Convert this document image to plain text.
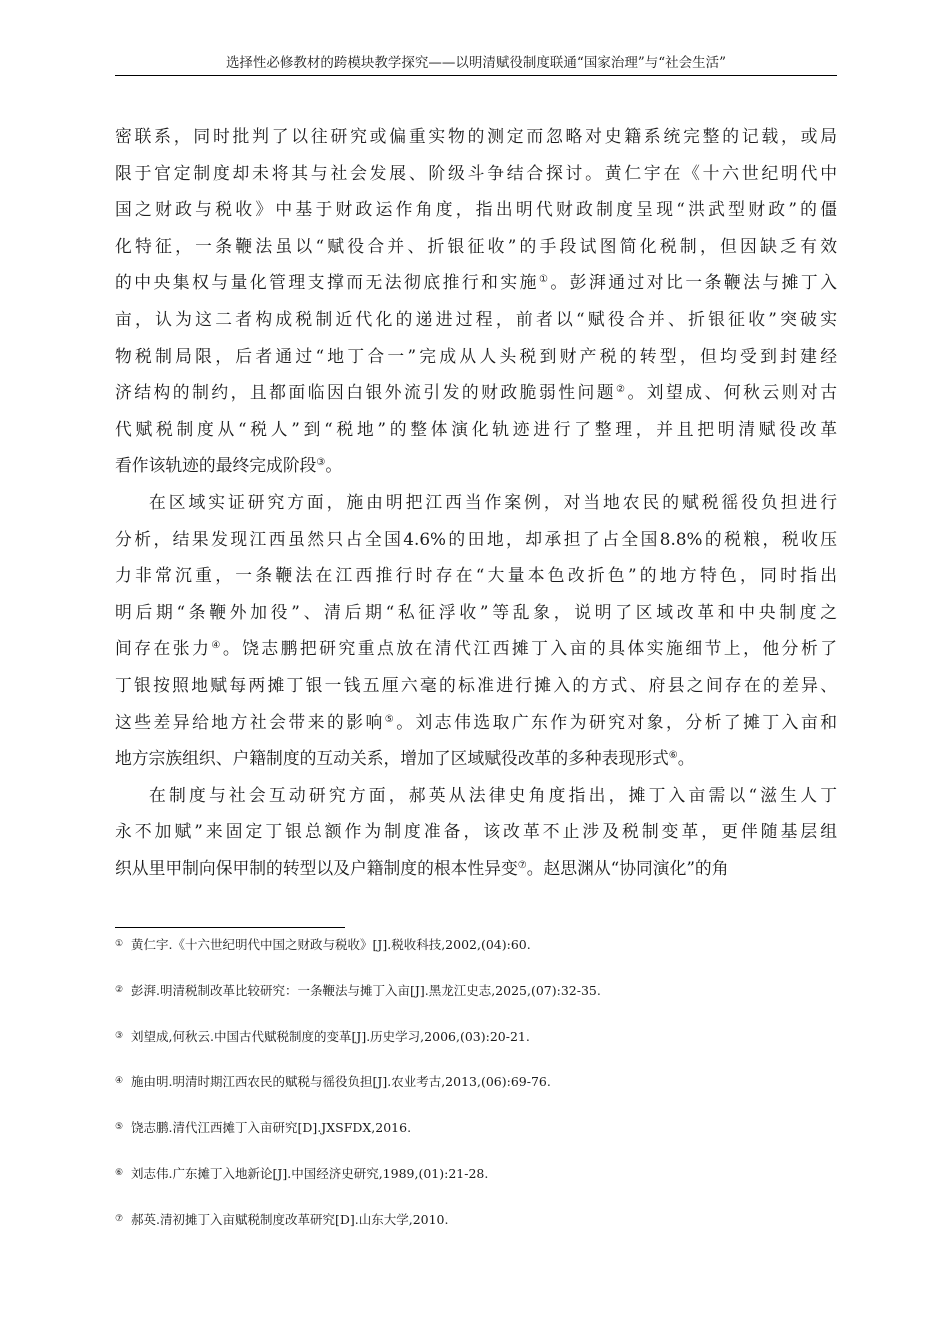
选择性必修教材的跨模块教学探究——以明清赋役制度联通“国家治理”与“社会生活”
密联系，同时批判了以往研究或偏重实物的测定而忽略对史籍系统完整的记载，或局
限于官定制度却未将其与社会发展、阶级斗争结合探讨。黄仁宇在《十六世纪明代中
国之财政与税收》中基于财政运作角度，指出明代财政制度呈现“洪武型财政”的僵
化特征，一条鞭法虽以“赋役合并、折银征收”的手段试图简化税制，但因缺乏有效
的中央集权与量化管理支撑而无法彻底推行和实施①。彭湃通过对比一条鞭法与摊丁入
亩，认为这二者构成税制近代化的递进过程，前者以“赋役合并、折银征收”突破实
物税制局限，后者通过“地丁合一”完成从人头税到财产税的转型，但均受到封建经
济结构的制约，且都面临因白银外流引发的财政脆弱性问题②。刘望成、何秋云则对古
代赋税制度从“税人”到“税地”的整体演化轨迹进行了整理，并且把明清赋役改革
看作该轨迹的最终完成阶段③。
在区域实证研究方面，施由明把江西当作案例，对当地农民的赋税徭役负担进行
分析，结果发现江西虽然只占全国4.6%的田地，却承担了占全国8.8%的税粮，税收压
力非常沉重，一条鞭法在江西推行时存在“大量本色改折色”的地方特色，同时指出
明后期“条鞭外加役”、清后期“私征浮收”等乱象，说明了区域改革和中央制度之
间存在张力④。饶志鹏把研究重点放在清代江西摊丁入亩的具体实施细节上，他分析了
丁银按照地赋每两摊丁银一钱五厘六毫的标准进行摊入的方式、府县之间存在的差异、
这些差异给地方社会带来的影响⑤。刘志伟选取广东作为研究对象，分析了摊丁入亩和
地方宗族组织、户籍制度的互动关系，增加了区域赋役改革的多种表现形式⑥。
在制度与社会互动研究方面，郝英从法律史角度指出，摊丁入亩需以“滋生人丁
永不加赋”来固定丁银总额作为制度准备，该改革不止涉及税制变革，更伴随基层组
织从里甲制向保甲制的转型以及户籍制度的根本性异变⑦。赵思渊从“协同演化”的角
① 黄仁宇.《十六世纪明代中国之财政与税收》[J].税收科技,2002,(04):60.
② 彭湃.明清税制改革比较研究：一条鞭法与摊丁入亩[J].黑龙江史志,2025,(07):32-35.
③ 刘望成,何秋云.中国古代赋税制度的变革[J].历史学习,2006,(03):20-21.
④ 施由明.明清时期江西农民的赋税与徭役负担[J].农业考古,2013,(06):69-76.
⑤ 饶志鹏.清代江西摊丁入亩研究[D].JXSFDX,2016.
⑥ 刘志伟.广东摊丁入地新论[J].中国经济史研究,1989,(01):21-28.
⑦ 郝英.清初摊丁入亩赋税制度改革研究[D].山东大学,2010.
